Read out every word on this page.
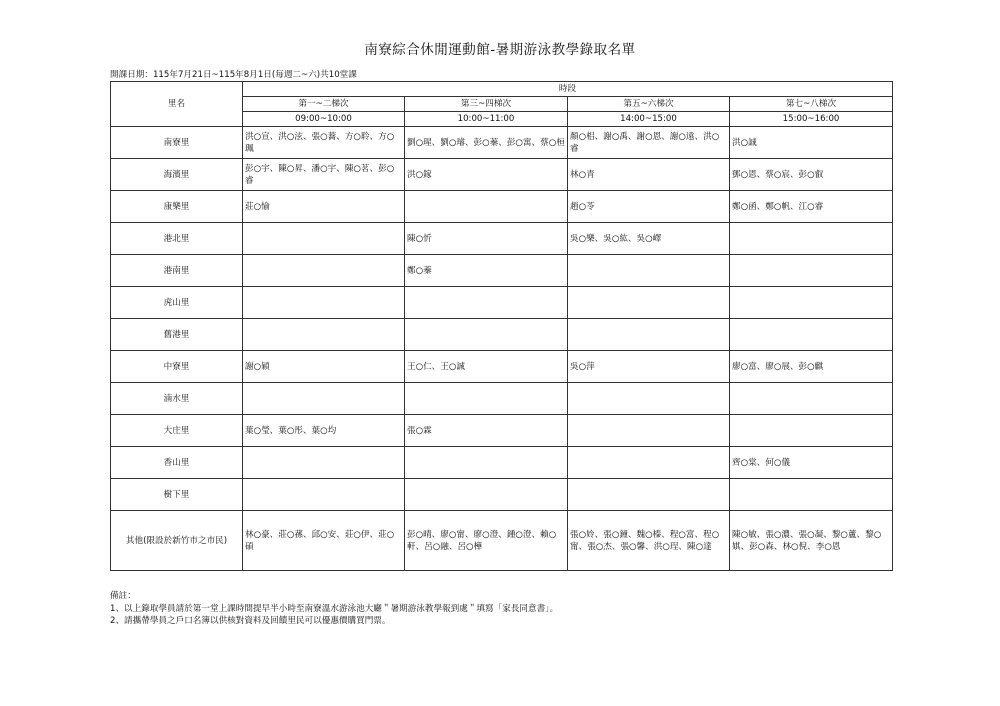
南寮綜合休閒運動館-暑期游泳教學錄取名單
開課日期：115年7月21日~115年8月1日(每週二~六)共10堂課
里名	時段			
	第一~二梯次	第三~四梯次	第五~六梯次	第七~八梯次
	09:00~10:00	10:00~11:00	14:00~15:00	15:00~16:00
南寮里	洪○宣、洪○泫、張○蕎、方○聆、方○珮	劉○瑆、劉○璿、彭○蓁、彭○寓、蔡○桓	顏○梠、謝○禹、謝○恩、謝○遠、洪○睿	洪○誠
海濱里	彭○宇、陳○昇、潘○宇、陳○茗、彭○睿	洪○鎵	林○青	鄧○恩、蔡○宸、彭○叡
康樂里	莊○愉		趙○苓	鄭○函、鄭○帆、江○睿
港北里		陳○忻	吳○樂、吳○紘、吳○嶧	
港南里		鄭○蓁		
虎山里				
舊港里				
中寮里	謝○穎	王○仁、王○誠	吳○萍	廖○富、廖○展、彭○麒
湳水里				
大庄里	葉○瑩、葉○彤、葉○均	張○霖		
香山里				齊○棠、何○儀
樹下里				
其他(限設於新竹市之市民)	林○豪、莊○蓀、邱○安、莊○伊、莊○碩	彭○晴、廖○甯、廖○澄、鍾○澄、賴○軒、呂○融、呂○樺	張○姈、張○鐘、魏○榛、程○富、程○甯、張○杰、張○馨、洪○珵、陳○達	陳○敏、張○濃、張○凝、黎○蘆、黎○娸、彭○森、林○倪、李○恩
備註：
1、以上錄取學員請於第一堂上課時間提早半小時至南寮溫水游泳池大廳＂暑期游泳教學報到處＂填寫「家長同意書」。
2、請攜帶學員之戶口名簿以供核對資料及回饋里民可以優惠價購買門票。
